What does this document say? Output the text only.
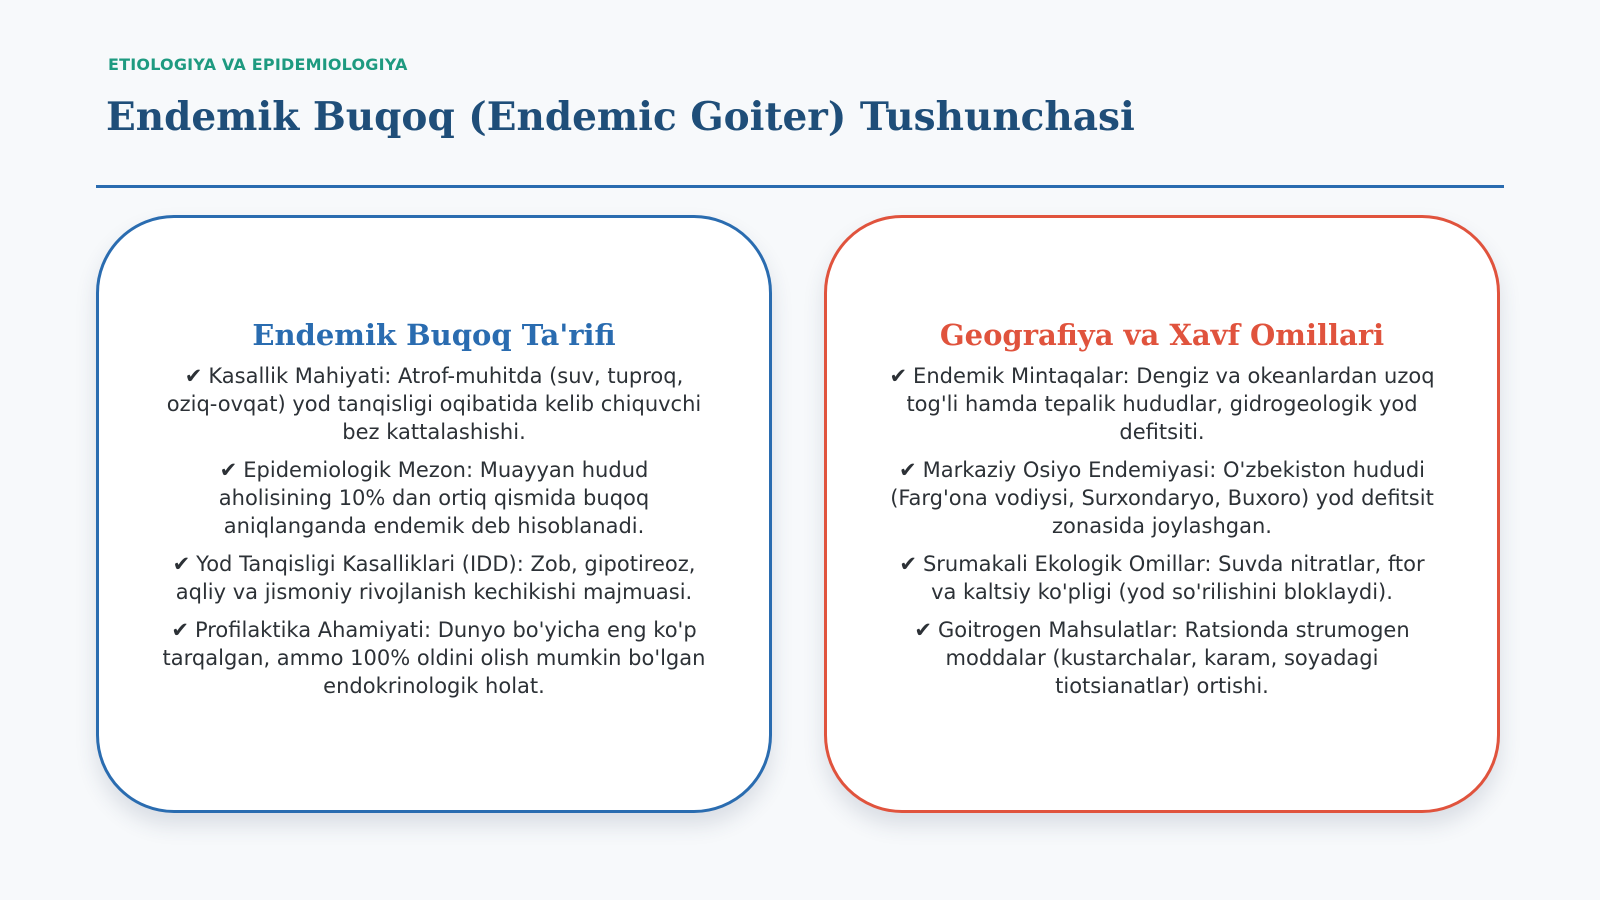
ETIOLOGIYA VA EPIDEMIOLOGIYA
Endemik Buqoq (Endemic Goiter) Tushunchasi
Endemik Buqoq Ta'rifi
✔ Kasallik Mahiyati: Atrof-muhitda (suv, tuproq, oziq-ovqat) yod tanqisligi oqibatida kelib chiquvchi bez kattalashishi.
✔ Epidemiologik Mezon: Muayyan hudud aholisining 10% dan ortiq qismida buqoq aniqlanganda endemik deb hisoblanadi.
✔ Yod Tanqisligi Kasalliklari (IDD): Zob, gipotireoz, aqliy va jismoniy rivojlanish kechikishi majmuasi.
✔ Profilaktika Ahamiyati: Dunyo bo'yicha eng ko'p tarqalgan, ammo 100% oldini olish mumkin bo'lgan endokrinologik holat.
Geografiya va Xavf Omillari
✔ Endemik Mintaqalar: Dengiz va okeanlardan uzoq tog'li hamda tepalik hududlar, gidrogeologik yod defitsiti.
✔ Markaziy Osiyo Endemiyasi: O'zbekiston hududi (Farg'ona vodiysi, Surxondaryo, Buxoro) yod defitsit zonasida joylashgan.
✔ Srumakali Ekologik Omillar: Suvda nitratlar, ftor va kaltsiy ko'pligi (yod so'rilishini bloklaydi).
✔ Goitrogen Mahsulatlar: Ratsionda strumogen moddalar (kustarchalar, karam, soyadagi tiotsianatlar) ortishi.
